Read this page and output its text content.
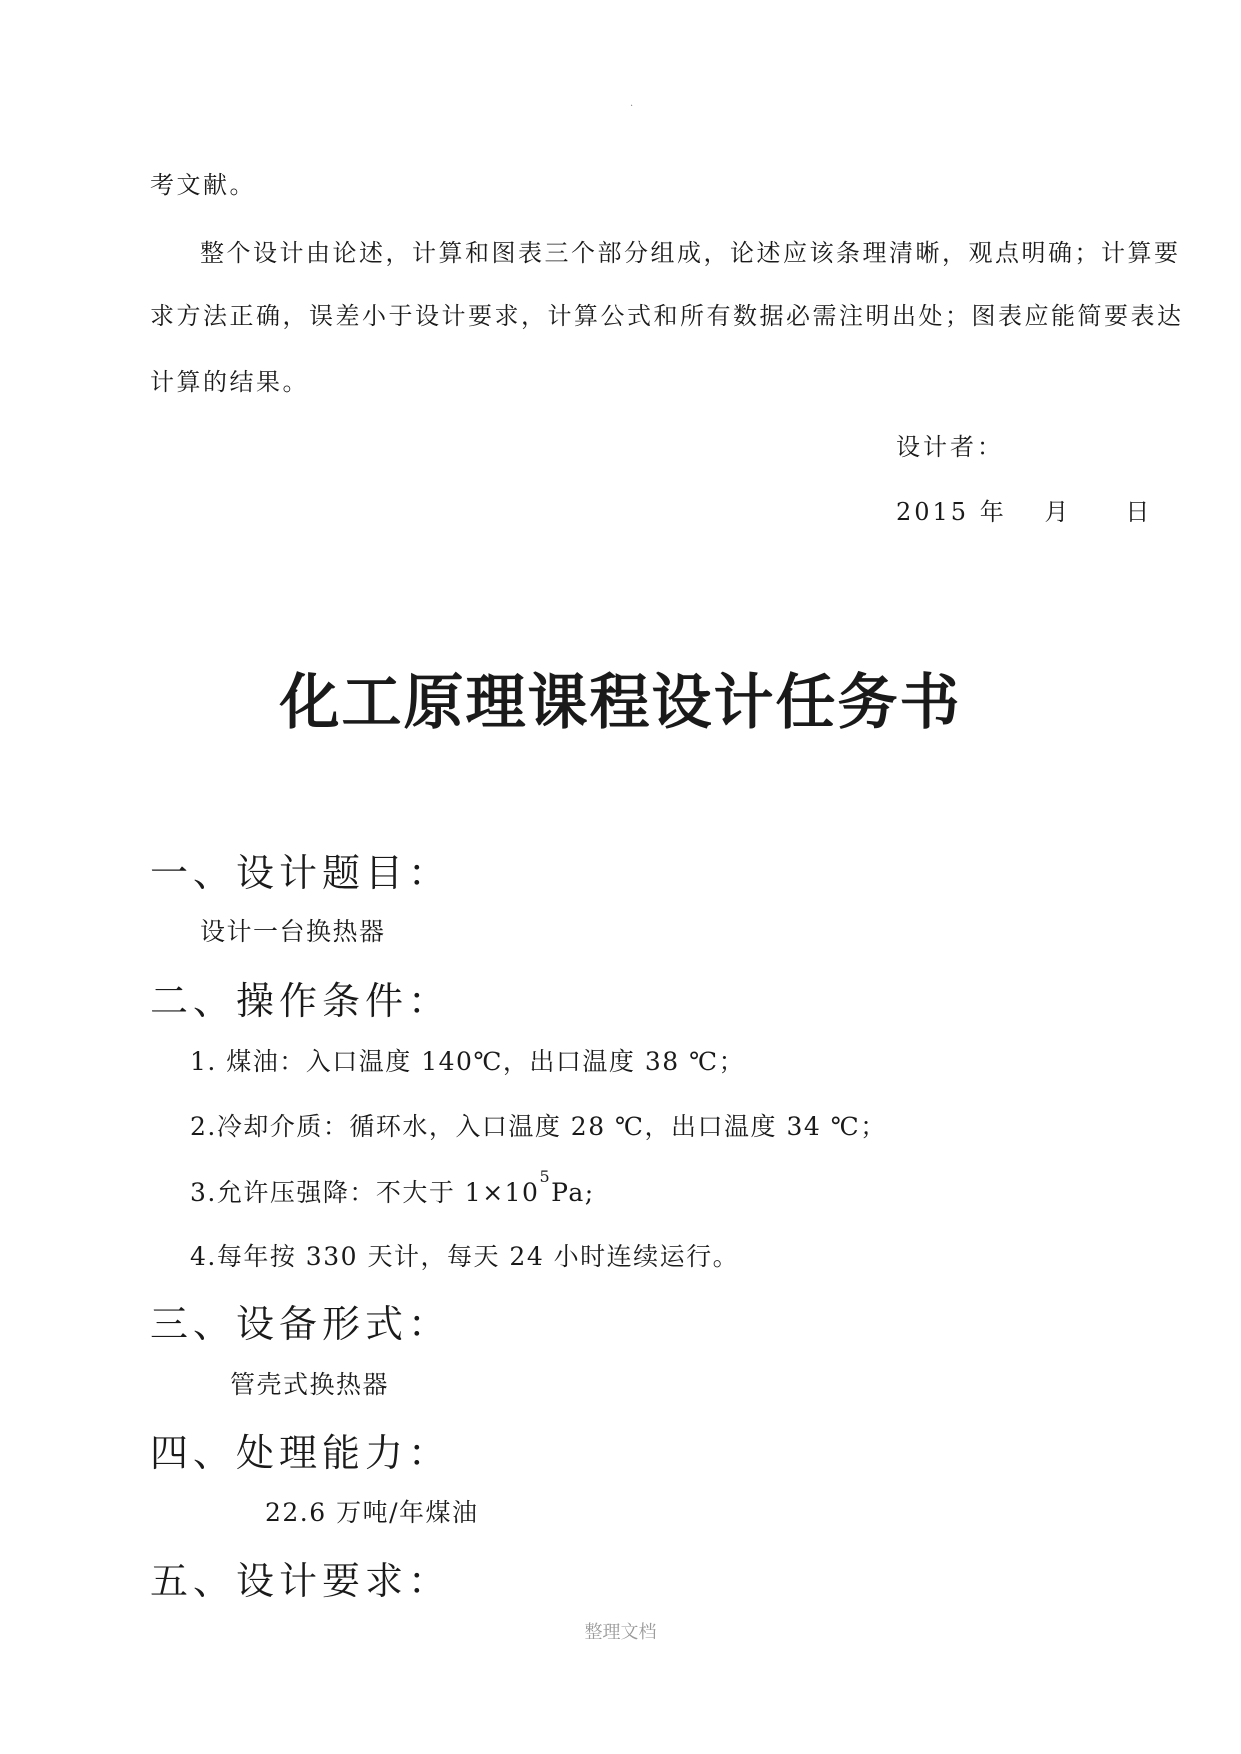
.
考文献。
整个设计由论述，计算和图表三个部分组成，论述应该条理清晰，观点明确；计算要
求方法正确，误差小于设计要求，计算公式和所有数据必需注明出处；图表应能简要表达
计算的结果。
设计者：
2015 年　 月　　日
化工原理课程设计任务书
一、设计题目：
设计一台换热器
二、操作条件：
1. 煤油：入口温度 140℃，出口温度 38 ℃；
2.冷却介质：循环水，入口温度 28 ℃，出口温度 34 ℃；
3.允许压强降：不大于 $1\times 10^5Pa$;
4.每年按 330 天计，每天 24 小时连续运行。
三、设备形式：
管壳式换热器
四、处理能力：
22.6 万吨/年煤油
五、设计要求：
整理文档
